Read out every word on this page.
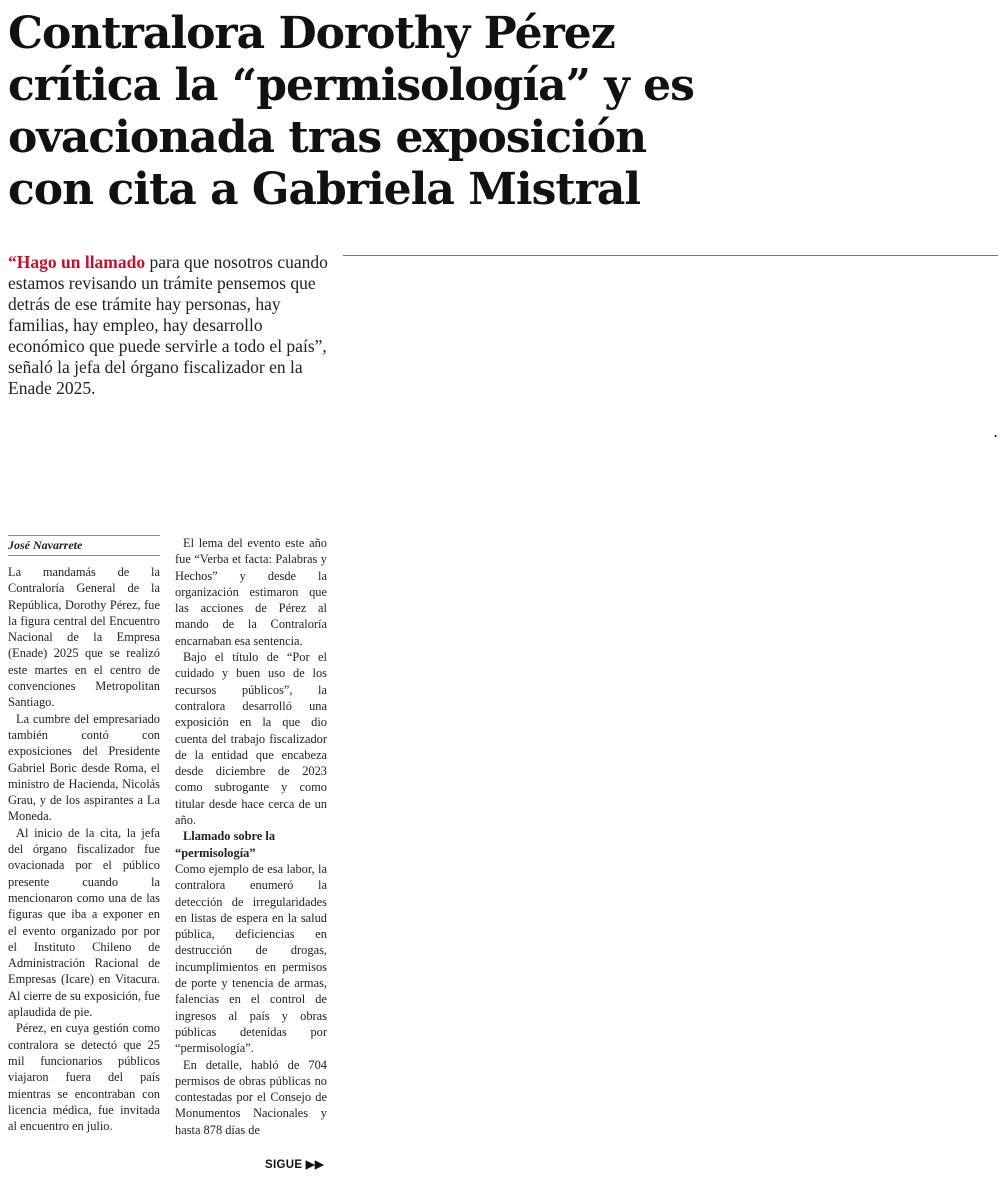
Contralora Dorothy Pérez crítica la “permisología” y es ovacionada tras exposición con cita a Gabriela Mistral

“Hago un llamado para que nosotros cuando estamos revisando un trámite pensemos que detrás de ese trámite hay personas, hay familias, hay empleo, hay desarrollo económico que puede servirle a todo el país”, señaló la jefa del órgano fiscalizador en la Enade 2025.

.
José Navarrete

La mandamás de la Contraloría General de la República, Dorothy Pérez, fue la figura central del Encuentro Nacional de la Empresa (Enade) 2025 que se realizó este martes en el centro de convenciones Metropolitan Santiago.

La cumbre del empresariado también contó con exposiciones del Presidente Gabriel Boric desde Roma, el ministro de Hacienda, Nicolás Grau, y de los aspirantes a La Moneda.

Al inicio de la cita, la jefa del órgano fiscalizador fue ovacionada por el público presente cuando la mencionaron como una de las figuras que iba a exponer en el evento organizado por por el Instituto Chileno de Administración Racional de Empresas (Icare) en Vitacura. Al cierre de su exposición, fue aplaudida de pie.

Pérez, en cuya gestión como contralora se detectó que 25 mil funcionarios públicos viajaron fuera del país mientras se encontraban con licencia médica, fue invitada al encuentro en julio.

El lema del evento este año fue “Verba et facta: Palabras y Hechos” y desde la organización estimaron que las acciones de Pérez al mando de la Contraloría encarnaban esa sentencia.

Bajo el título de “Por el cuidado y buen uso de los recursos públicos”, la contralora desarrolló una exposición en la que dio cuenta del trabajo fiscalizador de la entidad que encabeza desde diciembre de 2023 como subrogante y como titular desde hace cerca de un año.

Llamado sobre la “permisología”

Como ejemplo de esa labor, la contralora enumeró la detección de irregularidades en listas de espera en la salud pública, deficiencias en destrucción de drogas, incumplimientos en permisos de porte y tenencia de armas, falencias en el control de ingresos al país y obras públicas detenidas por “permisología”.

En detalle, habló de 704 permisos de obras públicas no contestadas por el Consejo de Monumentos Nacionales y hasta 878 días de

SIGUE ▶▶
